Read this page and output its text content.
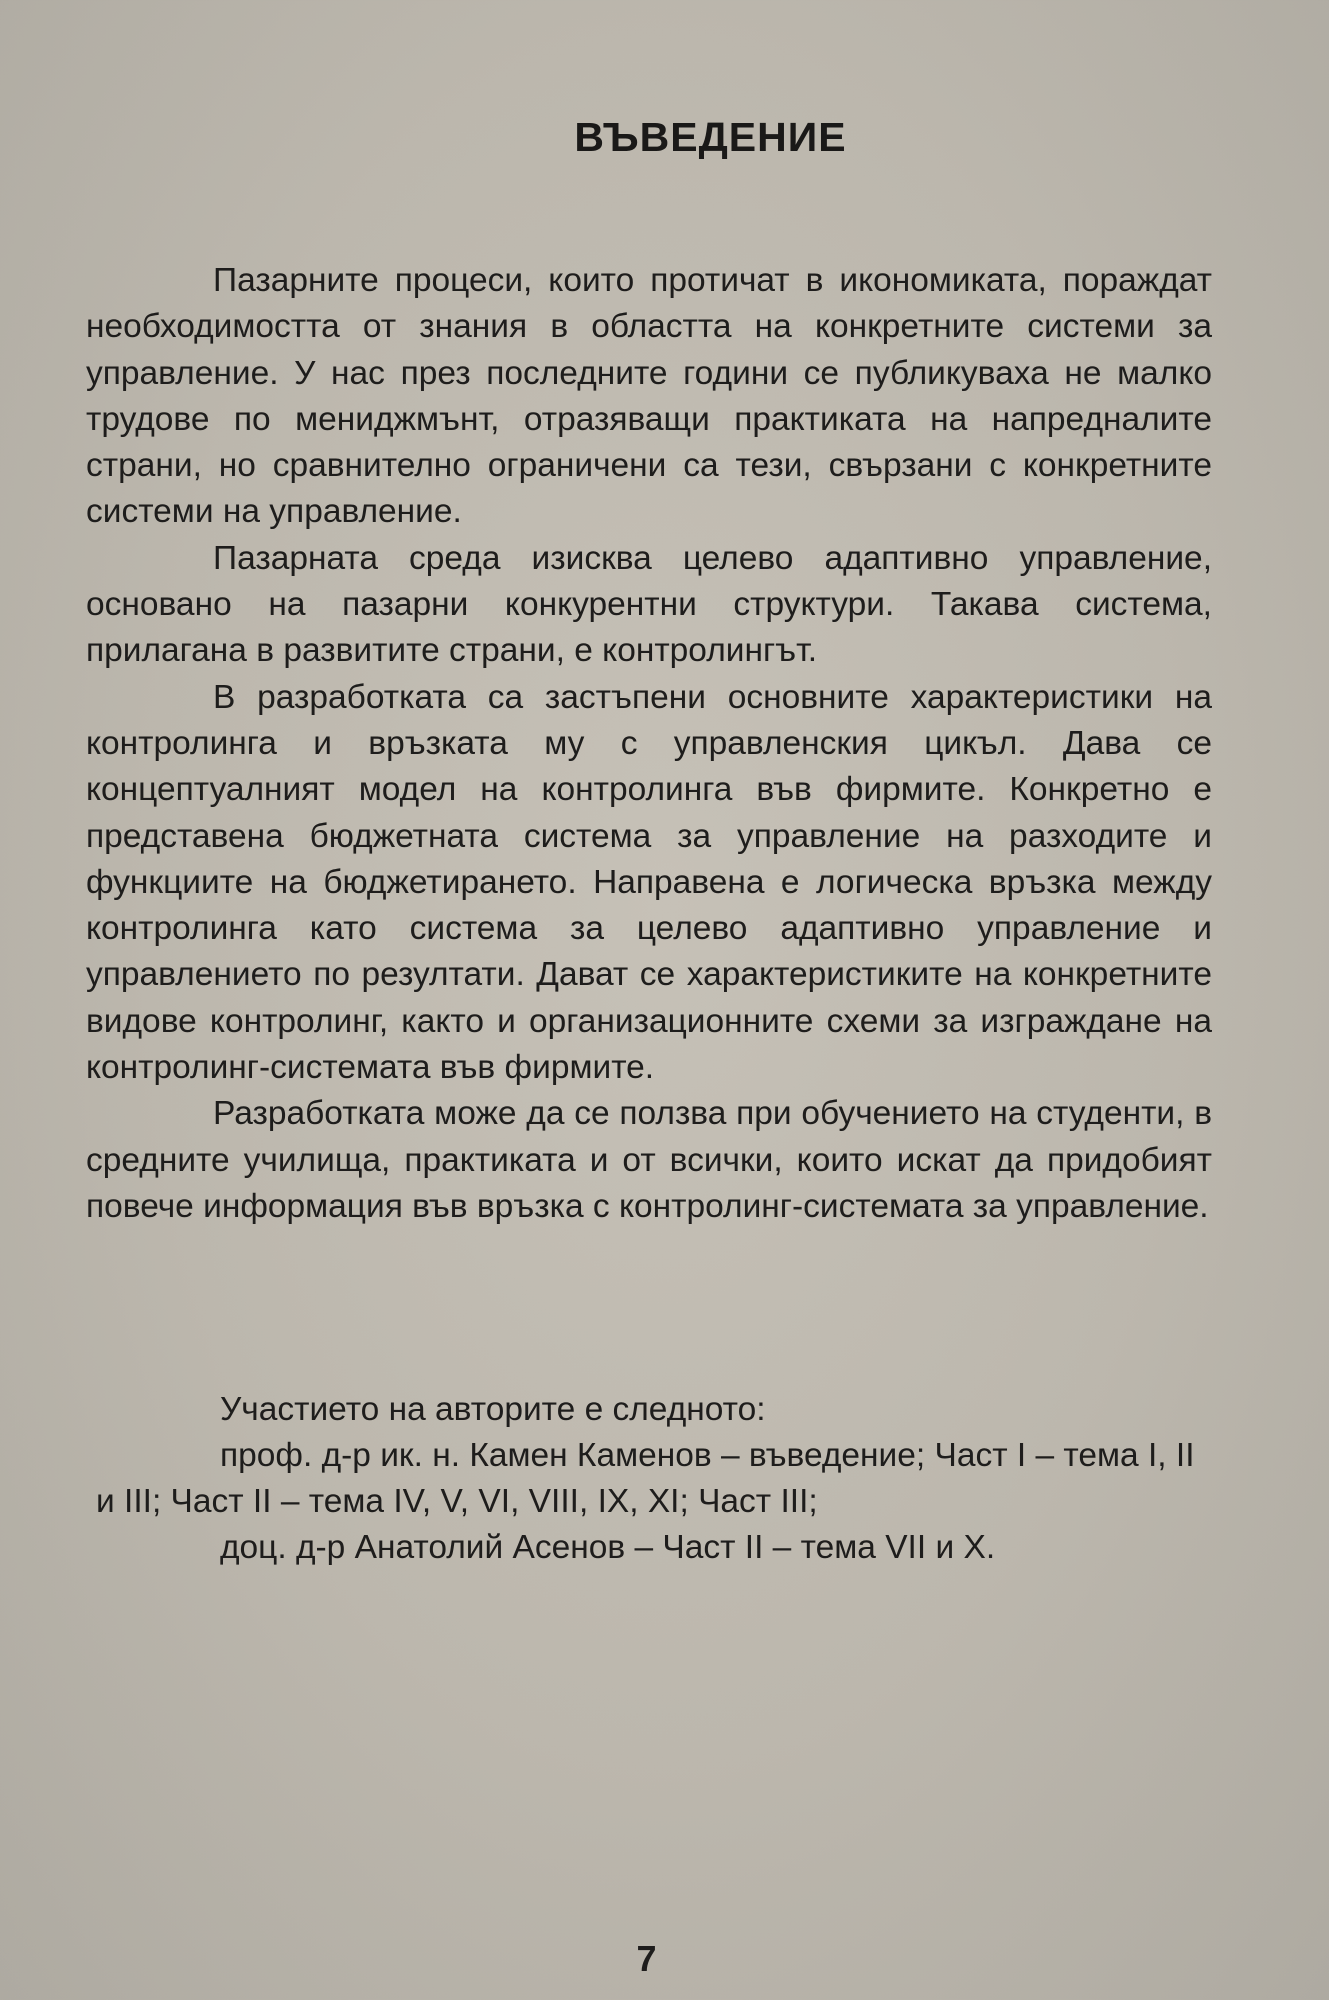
ВЪВЕДЕНИЕ

Пазарните процеси, които протичат в икономиката, пораждат необходимостта от знания в областта на конкретните системи за управление. У нас през последните години се публикуваха не малко трудове по мениджмънт, отразяващи практиката на напредналите страни, но сравнително ограничени са тези, свързани с конкретните системи на управление.

Пазарната среда изисква целево адаптивно управление, основано на пазарни конкурентни структури. Такава система, прилагана в развитите страни, е контролингът.

В разработката са застъпени основните характеристики на контролинга и връзката му с управленския цикъл. Дава се концептуалният модел на контролинга във фирмите. Конкретно е представена бюджетната система за управление на разходите и функциите на бюджетирането. Направена е логическа връзка между контролинга като система за целево адаптивно управление и управлението по резултати. Дават се характеристиките на конкретните видове контролинг, както и организационните схеми за изграждане на контролинг-системата във фирмите.

Разработката може да се ползва при обучението на студенти, в средните училища, практиката и от всички, които искат да придобият повече информация във връзка с контролинг-системата за управление.

Участието на авторите е следното:

проф. д-р ик. н. Камен Каменов – въведение; Част I – тема I, II и III; Част II – тема IV, V, VI, VIII, IX, XI; Част III;

доц. д-р Анатолий Асенов – Част II – тема VII и X.

7
